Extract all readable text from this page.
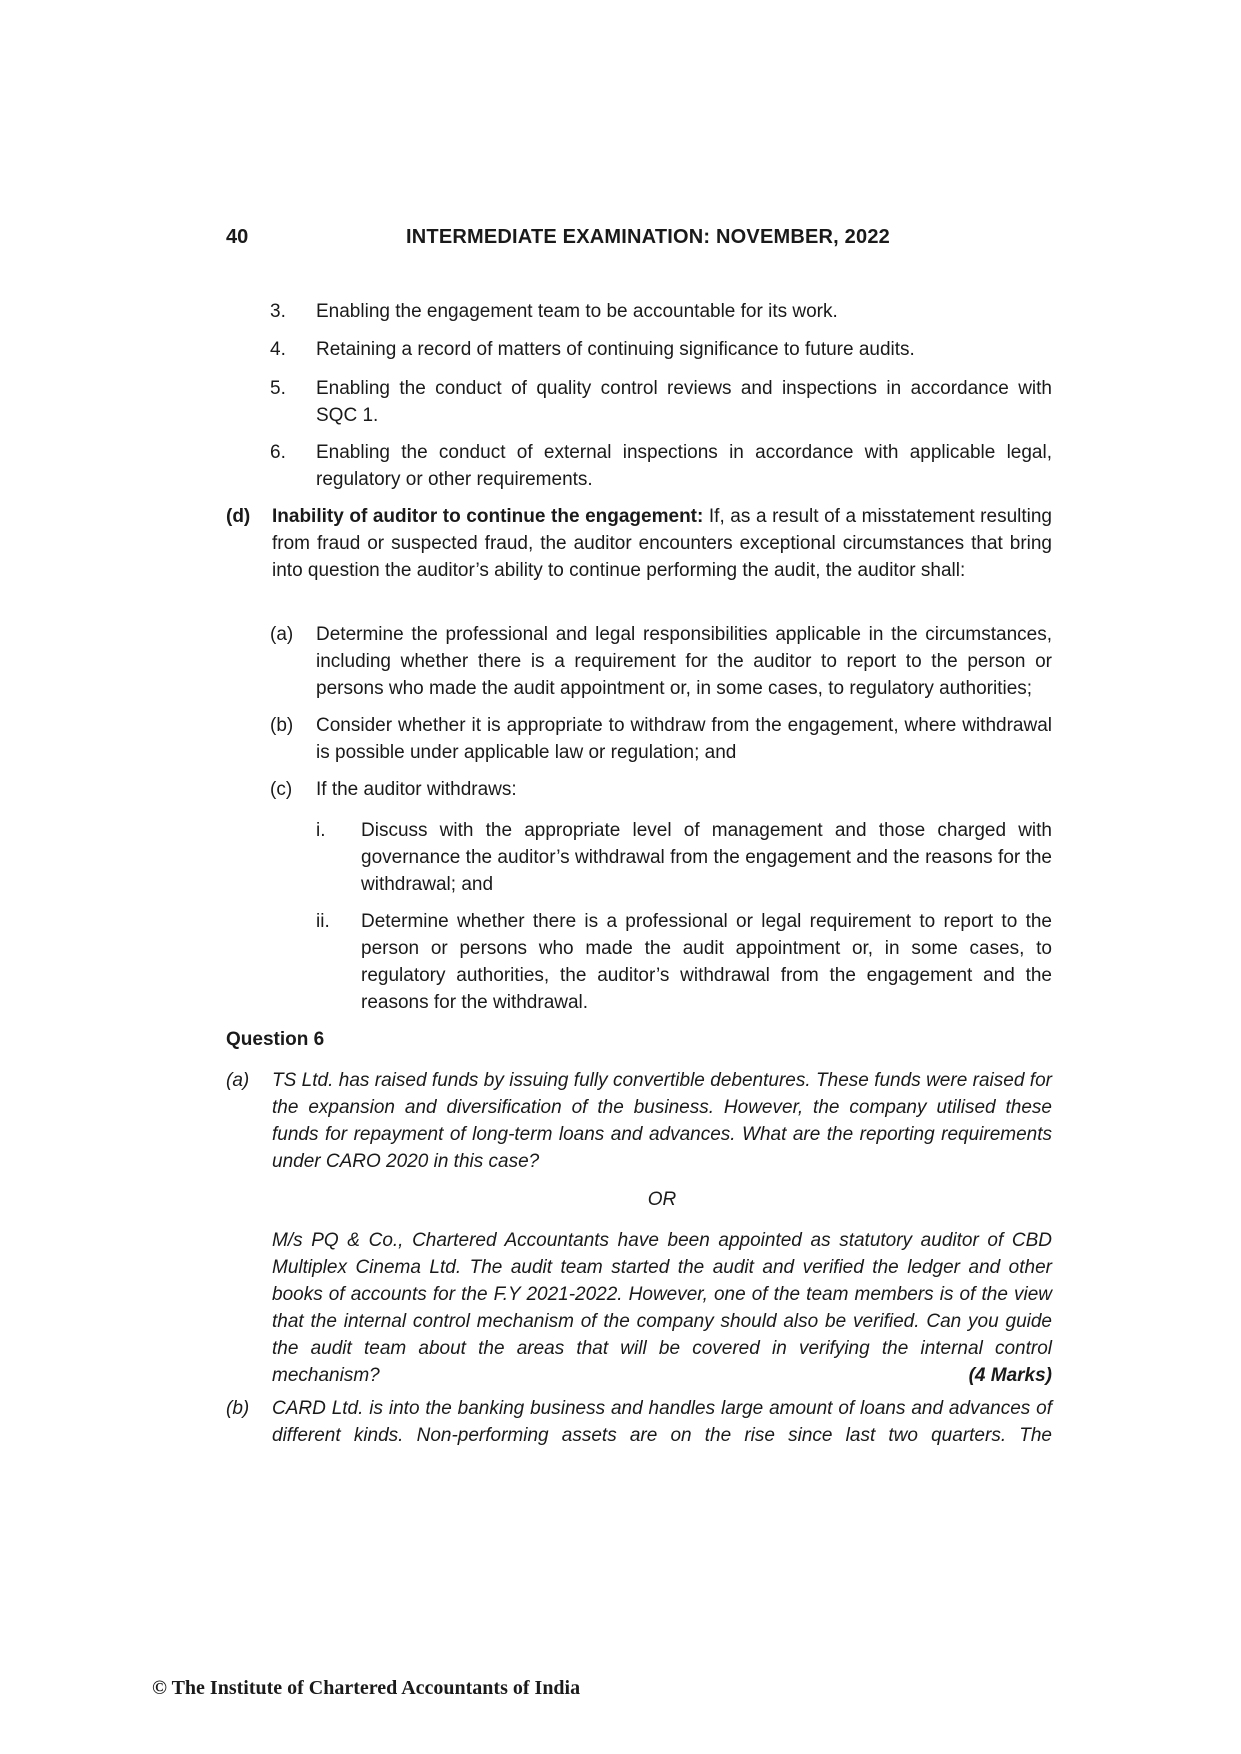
40	INTERMEDIATE EXAMINATION: NOVEMBER, 2022
3. Enabling the engagement team to be accountable for its work.
4. Retaining a record of matters of continuing significance to future audits.
5. Enabling the conduct of quality control reviews and inspections in accordance with SQC 1.
6. Enabling the conduct of external inspections in accordance with applicable legal, regulatory or other requirements.
(d) Inability of auditor to continue the engagement: If, as a result of a misstatement resulting from fraud or suspected fraud, the auditor encounters exceptional circumstances that bring into question the auditor’s ability to continue performing the audit, the auditor shall:
(a) Determine the professional and legal responsibilities applicable in the circumstances, including whether there is a requirement for the auditor to report to the person or persons who made the audit appointment or, in some cases, to regulatory authorities;
(b) Consider whether it is appropriate to withdraw from the engagement, where withdrawal is possible under applicable law or regulation; and
(c) If the auditor withdraws:
i. Discuss with the appropriate level of management and those charged with governance the auditor’s withdrawal from the engagement and the reasons for the withdrawal; and
ii. Determine whether there is a professional or legal requirement to report to the person or persons who made the audit appointment or, in some cases, to regulatory authorities, the auditor’s withdrawal from the engagement and the reasons for the withdrawal.
Question 6
(a) TS Ltd. has raised funds by issuing fully convertible debentures. These funds were raised for the expansion and diversification of the business. However, the company utilised these funds for repayment of long-term loans and advances. What are the reporting requirements under CARO 2020 in this case?
OR
M/s PQ & Co., Chartered Accountants have been appointed as statutory auditor of CBD Multiplex Cinema Ltd. The audit team started the audit and verified the ledger and other books of accounts for the F.Y 2021-2022. However, one of the team members is of the view that the internal control mechanism of the company should also be verified. Can you guide the audit team about the areas that will be covered in verifying the internal control mechanism?	(4 Marks)
(b) CARD Ltd. is into the banking business and handles large amount of loans and advances of different kinds. Non-performing assets are on the rise since last two quarters. The
© The Institute of Chartered Accountants of India
